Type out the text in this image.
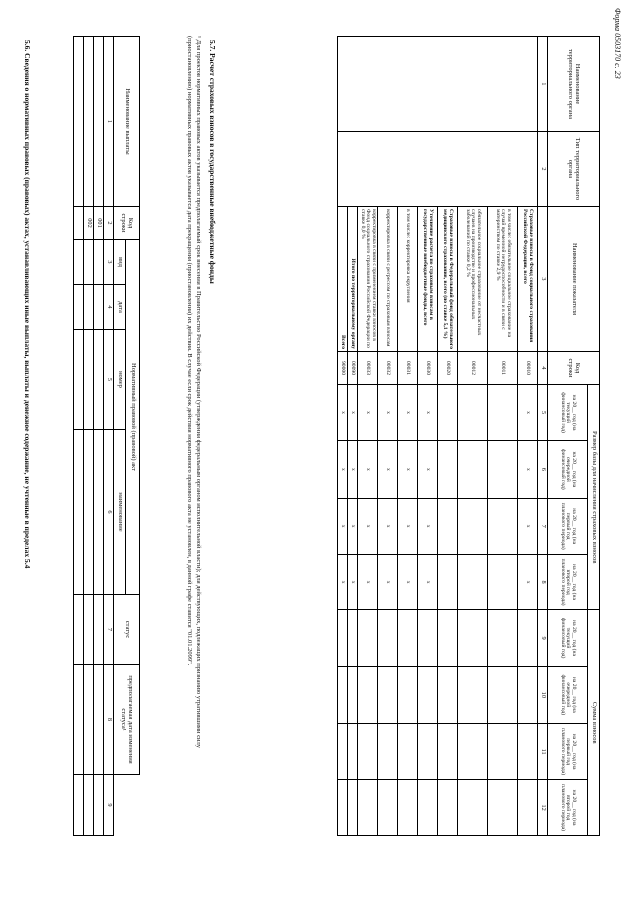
Форма 0503170 с. 23
5.6. Сведения о нормативных правовых (правовых) актах, устанавливающих иные выплаты, выплаты и денежное содержание, не учтенные в пределах 5.4	Наименование выплаты	Код строки	Нормативный правовой (правовой) акт				статус	предполагаемая дата изменения статуса¹	
		вид	дата	номер	наименование			
1	2	3	4	5	6	7	8	9
	001							
	002							
									¹ Для проектов нормативных правовых актов указывается предполагаемый срок внесения в Правительство Российской Федерации (утверждения федеральным органом исполнительной власти); для действующих, подлежащих признанию утратившими силу
(приостановлению) нормативных правовых актов указывается дата прекращения (приостановления) их действия. В случае если срок действия нормативного правового акта не установлен, в данной графе ставится "01.01.2099". 5.7. Расчет страховых взносов в государственные внебюджетные фонды	Наименование территориального органа	Тип территориального органа	Наименование показателя	Код строки	Размер базы для начисления страховых взносов				Сумма взносов			
				на 20__ год (на текущий финансовый год)	на 20__ год (на очередной финансовый год)	на 20__ год (на первый год планового периода)	на 20__ год (на второй год планового периода)	на 20__ год (на текущий финансовый год)	на 20__ год (на очередной финансовый год)	на 20__ год (на первый год планового периода)	на 20__ год (на второй год планового периода)
1	2	3	4	5	6	7	8	9	10	11	12
		Страховые взносы в Фонд социального страхования Российской Федерации, всего	00010	x	x	x	x				
		в том числе: обязательное социальное страхование на случай временной нетрудоспособности и в связи с материнством по ставке 2,9 %	00011								
		обязательное социальное страхование от несчастных случаев на производстве и профессиональных заболеваний по ставке 0,2 %	00012								
		Страховые взносы в Федеральный фонд обязательного медицинского страхования, всего (по ставке 5,1 %)	00020								
		Уточнение расчета по страховым взносам в государственные внебюджетные фонды, всего	00030	x	x	x	x				
		в том числе: корректировка округления	00031	x	x	x	x				
		корректировка в связи с регрессом по страховым взносам	00032	x	x	x	x				
		корректировка в связи с применением ставки взносов в Фонд социального страхования Российской Федерации по ставке 0,0 %	00033	x	x	x	x				
		Итого по территориальному органу	00090	x	x	x	x				
		Всего	90000	x	x	x	x				
